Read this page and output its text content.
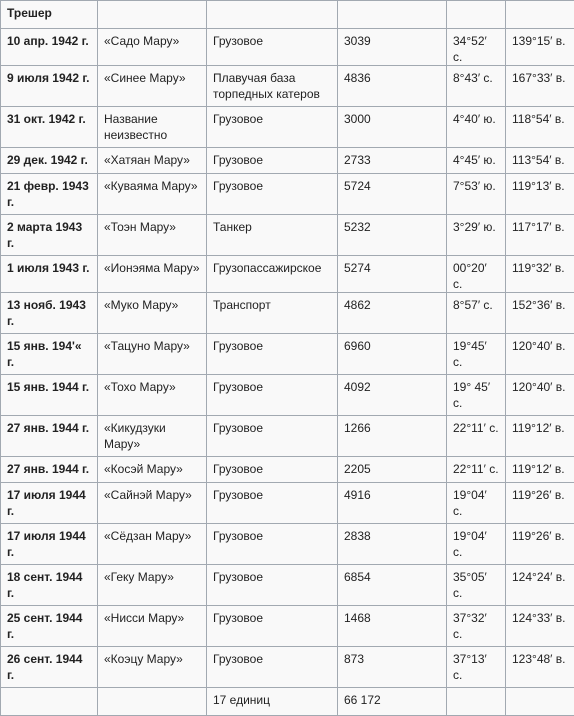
Трешер					
10 апр. 1942 г.	«Садо Мару»	Грузовое	3039	34°52′ с.	139°15′ в.
9 июля 1942 г.	«Синее Мару»	Плавучая база торпедных катеров	4836	8°43′ с.	167°33′ в.
31 окт. 1942 г.	Название неизвестно	Грузовое	3000	4°40′ ю.	118°54′ в.
29 дек. 1942 г.	«Хатяан Мару»	Грузовое	2733	4°45′ ю.	113°54′ в.
21 февр. 1943 г.	«Куваяма Мару»	Грузовое	5724	7°53′ ю.	119°13′ в.
2 марта 1943 г.	«Тоэн Мару»	Танкер	5232	3°29′ ю.	117°17′ в.
1 июля 1943 г.	«Ионэяма Мару»	Грузопассажирское	5274	00°20′ с.	119°32′ в.
13 нояб. 1943 г.	«Муко Мару»	Транспорт	4862	8°57′ с.	152°36′ в.
15 янв. 194'« г.	«Тацуно Мару»	Грузовое	6960	19°45′ с.	120°40′ в.
15 янв. 1944 г.	«Тохо Мару»	Грузовое	4092	19° 45′ с.	120°40′ в.
27 янв. 1944 г.	«Кикудзуки Мару»	Грузовое	1266	22°11′ с.	119°12′ в.
27 янв. 1944 г.	«Косэй Мару»	Грузовое	2205	22°11′ с.	119°12′ в.
17 июля 1944 г.	«Сайнэй Мару»	Грузовое	4916	19°04′ с.	119°26′ в.
17 июля 1944 г.	«Сёдзан Мару»	Грузовое	2838	19°04′ с.	119°26′ в.
18 сент. 1944 г.	«Геку Мару»	Грузовое	6854	35°05′ с.	124°24′ в.
25 сент. 1944 г.	«Нисси Мару»	Грузовое	1468	37°32′ с.	124°33′ в.
26 сент. 1944 г.	«Коэцу Мару»	Грузовое	873	37°13′ с.	123°48′ в.
		17 единиц	66 172		
